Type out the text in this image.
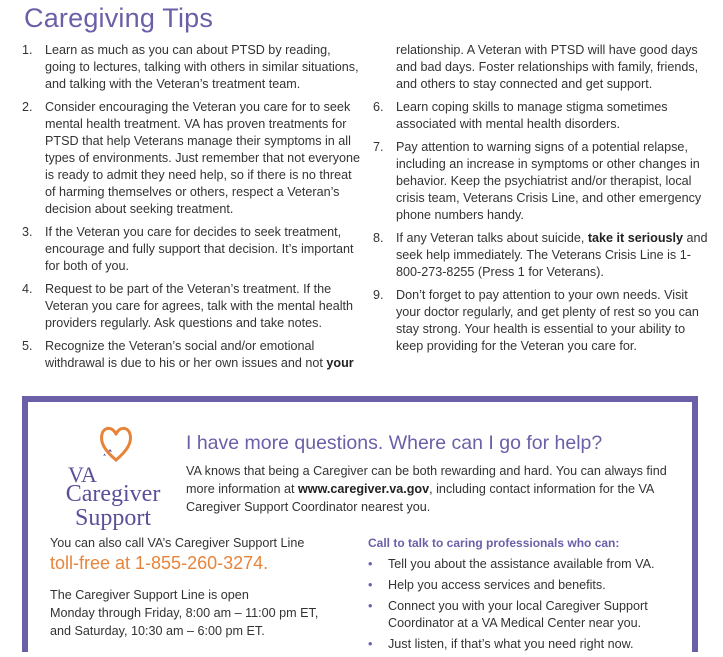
Caregiving Tips
1. Learn as much as you can about PTSD by reading, going to lectures, talking with others in similar situations, and talking with the Veteran’s treatment team.
2. Consider encouraging the Veteran you care for to seek mental health treatment. VA has proven treatments for PTSD that help Veterans manage their symptoms in all types of environments. Just remember that not everyone is ready to admit they need help, so if there is no threat of harming themselves or others, respect a Veteran’s decision about seeking treatment.
3. If the Veteran you care for decides to seek treatment, encourage and fully support that decision. It’s important for both of you.
4. Request to be part of the Veteran’s treatment. If the Veteran you care for agrees, talk with the mental health providers regularly. Ask questions and take notes.
5. Recognize the Veteran’s social and/or emotional withdrawal is due to his or her own issues and not your
relationship. A Veteran with PTSD will have good days and bad days. Foster relationships with family, friends, and others to stay connected and get support.
6. Learn coping skills to manage stigma sometimes associated with mental health disorders.
7. Pay attention to warning signs of a potential relapse, including an increase in symptoms or other changes in behavior. Keep the psychiatrist and/or therapist, local crisis team, Veterans Crisis Line, and other emergency phone numbers handy.
8. If any Veteran talks about suicide, take it seriously and seek help immediately. The Veterans Crisis Line is 1-800-273-8255 (Press 1 for Veterans).
9. Don’t forget to pay attention to your own needs. Visit your doctor regularly, and get plenty of rest so you can stay strong. Your health is essential to your ability to keep providing for the Veteran you care for.
VA
Caregiver
Support
I have more questions. Where can I go for help?
VA knows that being a Caregiver can be both rewarding and hard. You can always find more information at www.caregiver.va.gov, including contact information for the VA Caregiver Support Coordinator nearest you.
You can also call VA’s Caregiver Support Line
toll-free at 1-855-260-3274.
The Caregiver Support Line is open
Monday through Friday, 8:00 am – 11:00 pm ET,
and Saturday, 10:30 am – 6:00 pm ET.
Call to talk to caring professionals who can:
•	Tell you about the assistance available from VA.
•	Help you access services and benefits.
•	Connect you with your local Caregiver Support Coordinator at a VA Medical Center near you.
•	Just listen, if that’s what you need right now.
